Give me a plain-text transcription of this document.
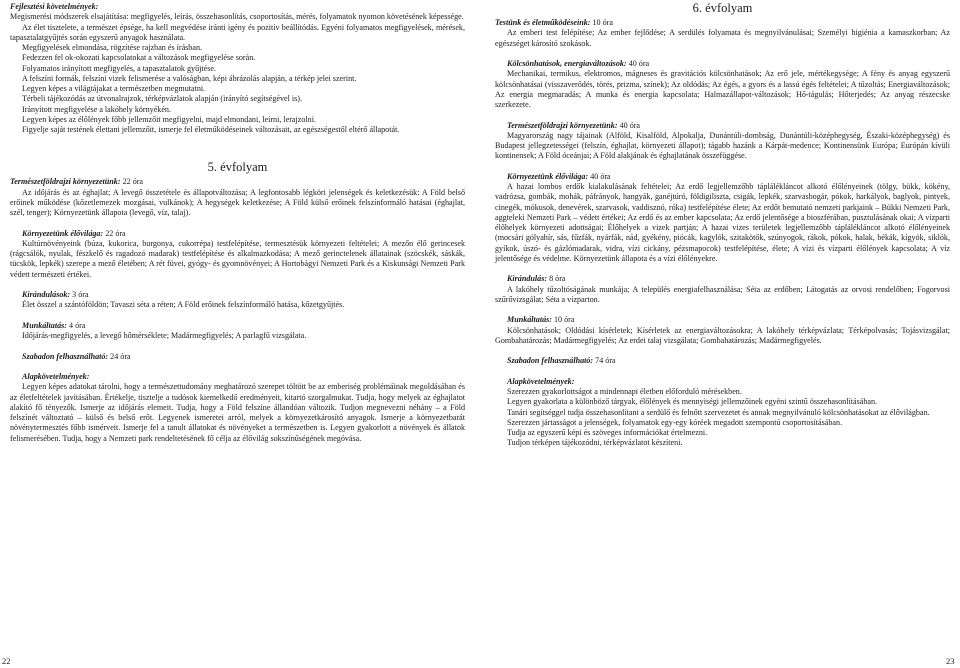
Fejlesztési követelmények:

Megismerési módszerek elsajátítása: megfigyelés, leírás, összehasonlítás, csoportosítás, mérés, folyamatok nyomon követésének képessége.

Az élet tisztelete, a természet épsége, ha kell megvédése iránti igény és pozitív beállítódás. Egyéni folyamatos megfigyelések, mérések, tapasztalatgyűjtés során egyszerű anyagok használata.

Megfigyelések elmondása, rögzítése rajzban és írásban.

Fedezzen fel ok-okozati kapcsolatokat a változások megfigyelése során.

Folyamatos irányított megfigyelés, a tapasztalatok gyűjtése.

A felszíni formák, felszíni vizek felismerése a valóságban, képi ábrázolás alapján, a térkép jelei szerint.

Legyen képes a világtájakat a természetben megmutatni.

Térbeli tájékozódás az útvonalrajzok, térképvázlatok alapján (irányító segítségével is).

Irányított megfigyelése a lakóhely környékén.

Legyen képes az élőlények főbb jellemzőit megfigyelni, majd elmondani, leírni, lerajzolni.

Figyelje saját testének élettani jellemzőit, ismerje fel életműködéseinek változásait, az egészségestől eltérő állapotát.

5. évfolyam

Természetföldrajzi környezetünk: 22 óra

Az időjárás és az éghajlat; A levegő összetétele és állapotváltozása; A legfontosabb légköri jelenségek és keletkezésük: A Föld belső erőinek működése (kőzetlemezek mozgásai, vulkánok); A hegységek keletkezése; A Föld külső erőinek felszínformáló hatásai (éghajlat, szél, tenger); Környezetünk állapota (levegő, víz, talaj).

Környezetünk élővilága: 22 óra

Kultúrnövényeink (búza, kukorica, burgonya, cukorrépa) testfelépítése, termesztésük környezeti feltételei; A mezőn élő gerincesek (rágcsálók, nyulak, fészkelő és ragadozó madarak) testfelépítése és alkalmazkodása; A mező gerinctelenek állatainak (szöcskék, sáskák, tücskök, lepkék) szerepe a mező életében; A rét füvei, gyógy- és gyomnövényei; A Hortobágyi Nemzeti Park és a Kiskunsági Nemzeti Park védett természeti értékei.

Kirándulások: 3 óra

Élet összel a szántóföldön; Tavaszi séta a réten; A Föld erőinek felszínformáló hatása, kőzetgyűjtés.

Munkáltatás: 4 óra

Időjárás-megfigyelés, a levegő hőmérséklete; Madármegfigyelés; A parlagfű vizsgálata.

Szabadon felhasználható: 24 óra

Alapkövetelmények:

Legyen képes adatokat tárolni, hogy a természettudomány meghatározó szerepet töltött be az emberiség problémáinak megoldásában és az életfeltételek javításában. Értékelje, tisztelje a tudósok kiemelkedő eredményeit, kitartó szorgalmukat. Tudja, hogy melyek az éghajlatot alakító fő tényezők. Ismerje az időjárás elemeit. Tudja, hogy a Föld felszíne állandóan változik. Tudjon megnevezni néhány – a Föld felszínét változtató – külső és belső erőt. Legyenek ismeretei arról, melyek a környezetkárosító anyagok. Ismerje a környezetbarát növénytermesztés főbb ismérveit. Ismerje fel a tanult állatokat és növényeket a természetben is. Legyen gyakorlott a növények és állatok felismerésében. Tudja, hogy a Nemzeti park rendeltetésének fő célja az élővilág sokszínűségének megóvása.

22

6. évfolyam

Testünk és életműködéseink: 10 óra

Az emberi test felépítése; Az ember fejlődése; A serdülés folyamata és megnyilvánulásai; Személyi higiénia a kamaszkorban; Az egészséget károsító szokások.

Kölcsönhatások, energiaváltozások: 40 óra

Mechanikai, termikus, elektromos, mágneses és gravitációs kölcsönhatások; Az erő jele, mértékegysége; A fény és anyag egyszerű kölcsönhatásai (visszaverődés, törés, prizma, színek); Az oldódás; Az égés, a gyors és a lassú égés feltételei; A tűzoltás; Energiaváltozások; Az energia megmaradás; A munka és energia kapcsolata; Halmazállapot-változások; Hő-tágulás; Hőterjedés; Az anyag részecske szerkezete.

Természetföldrajzi környezetünk: 40 óra

Magyarország nagy tájainak (Alföld, Kisalföld, Alpokalja, Dunántúli-dombság, Dunántúli-középhegység, Északi-középhegység) és Budapest jellegzetességei (felszín, éghajlat, környezeti állapot); tágabb hazánk a Kárpát-medence; Kontinensünk Európa; Európán kívüli kontinensek; A Föld óceánjai; A Föld alakjának és éghajlatának összefüggése.

Környezetünk élővilága: 40 óra

A hazai lombos erdők kialakulásának feltételei; Az erdő legjellemzőbb táplálékláncot alkotó élőlényeinek (tölgy, bükk, kökény, vadrózsa, gombák, mohák, páfrányok, hangyák, ganéjtúró, földigiliszta, csigák, lepkék, szarvasbogár, pókok, harkályok, baglyok, pintyek, cinegék, mókusok, denevérek, szarvasok, vaddisznó, róka) testfelépítése élete; Az erdőt bemutató nemzeti parkjaink – Bükki Nemzeti Park, aggteleki Nemzeti Park – védett értékei; Az erdő és az ember kapcsolata; Az erdő jelentősége a bioszférában, pusztulásának okai; A vízparti élőhelyek környezeti adottságai; Élőhelyek a vizek partján; A hazai vizes területek legjellemzőbb táplálékláncot alkotó élőlényeinek (mocsári gólyahír, sás, fűzfák, nyárfák, nád, gyékény, piócák, kagylók, szitakötők, szúnyogok, rákok, pókok, halak, békák, kígyók, siklók, gyíkok, úszó- és gázlómadarak, vidra, vízi cickány, pézsmapocok) testfelépítése, élete; A vízi és vízparti élőlények kapcsolata; A víz jelentősége és védelme. Környezetünk állapota és a vízi élőlényekre.

Kirándulás: 8 óra

A lakóhely tűzoltóságának munkája; A település energiafelhasználása; Séta az erdőben; Látogatás az orvosi rendelőben; Fogorvosi szűrővizsgálat; Séta a vízparton.

Munkáltatás: 10 óra

Kölcsönhatások; Oldódási kísérletek; Kísérletek az energiaváltozásokra; A lakóhely térképvázlata; Térképolvasás; Tojásvizsgálat; Gombahatározás; Madármegfigyelés; Az erdei talaj vizsgálata; Gombahatározás; Madármegfigyelés.

Szabadon felhasználható: 74 óra

Alapkövetelmények:

Szerezzen gyakorlottságot a mindennapi életben előforduló mérésekben.

Legyen gyakorlata a különböző tárgyak, élőlények és mennyiségi jellemzőinek egyéni szintű összehasonlításában.

Tanári segítséggel tudja összehasonlítani a serdülő és felnőtt szervezetet és annak megnyilvánuló kölcsönhatásokat az élővilágban.

Szerezzen jártasságot a jelenségek, folyamatok egy-egy kóréek megadott szempontú csoportosításában.

Tudja az egyszerű képi és szöveges információkat értelmezni.

Tudjon térképen tájékozódni, térképvázlatot készíteni.

23
